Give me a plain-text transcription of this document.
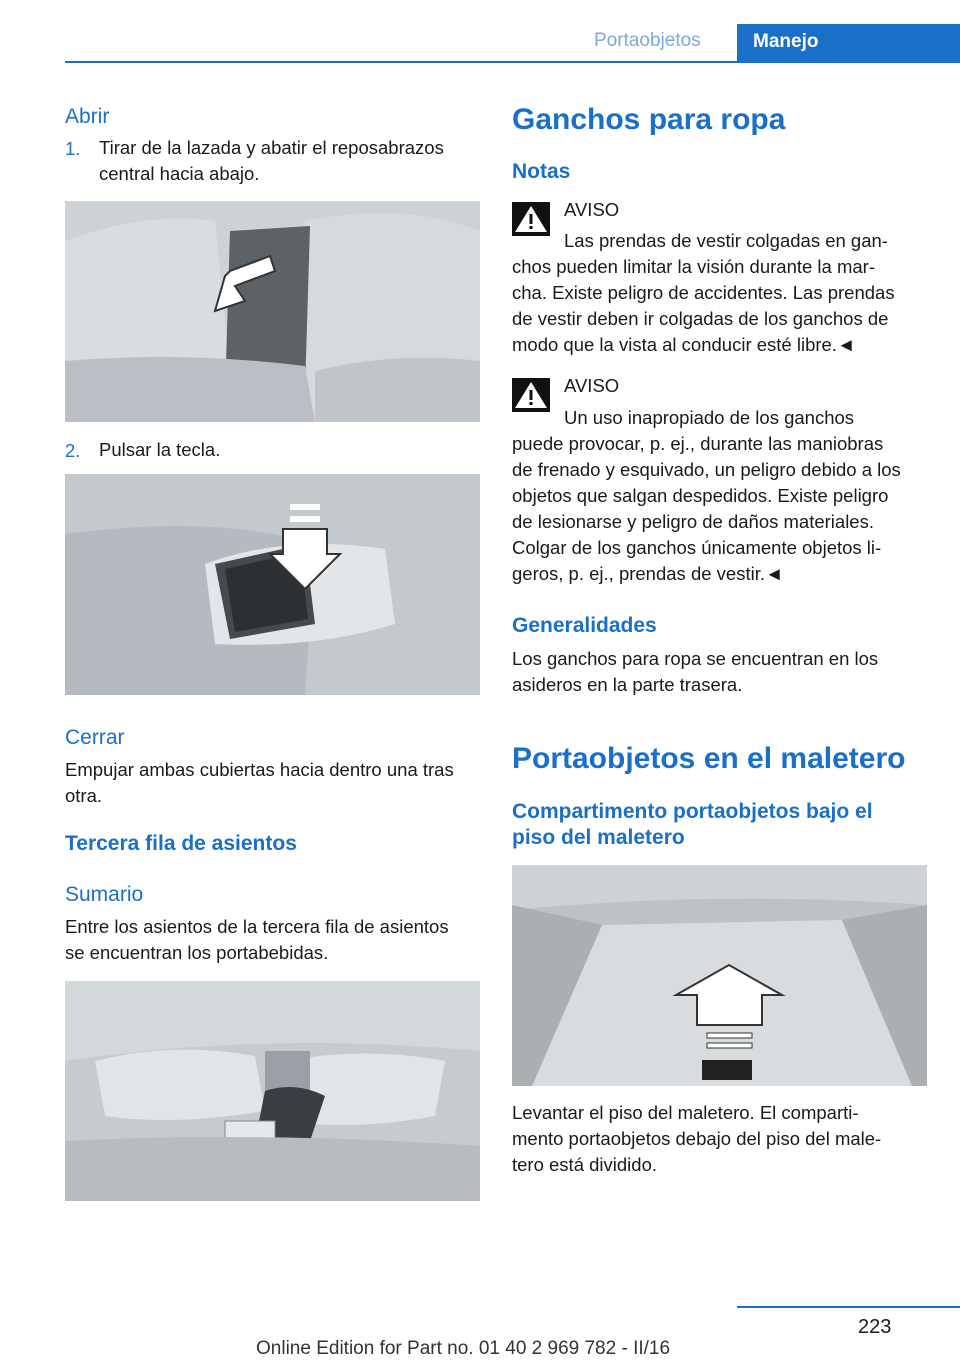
Portaobjetos	Manejo
Abrir
1. Tirar de la lazada y abatir el reposabrazos
central hacia abajo.
2. Pulsar la tecla.
Cerrar
Empujar ambas cubiertas hacia dentro una tras
otra.
Tercera fila de asientos
Sumario
Entre los asientos de la tercera fila de asientos
se encuentran los portabebidas.
Ganchos para ropa
Notas
AVISO
Las prendas de vestir colgadas en gan‐
chos pueden limitar la visión durante la mar‐
cha. Existe peligro de accidentes. Las prendas
de vestir deben ir colgadas de los ganchos de
modo que la vista al conducir esté libre.◄
AVISO
Un uso inapropiado de los ganchos
puede provocar, p. ej., durante las maniobras
de frenado y esquivado, un peligro debido a los
objetos que salgan despedidos. Existe peligro
de lesionarse y peligro de daños materiales.
Colgar de los ganchos únicamente objetos li‐
geros, p. ej., prendas de vestir.◄
Generalidades
Los ganchos para ropa se encuentran en los
asideros en la parte trasera.
Portaobjetos en el maletero
Compartimento portaobjetos bajo el
piso del maletero
Levantar el piso del maletero. El comparti‐
mento portaobjetos debajo del piso del male‐
tero está dividido.
223
Online Edition for Part no. 01 40 2 969 782 - II/16
